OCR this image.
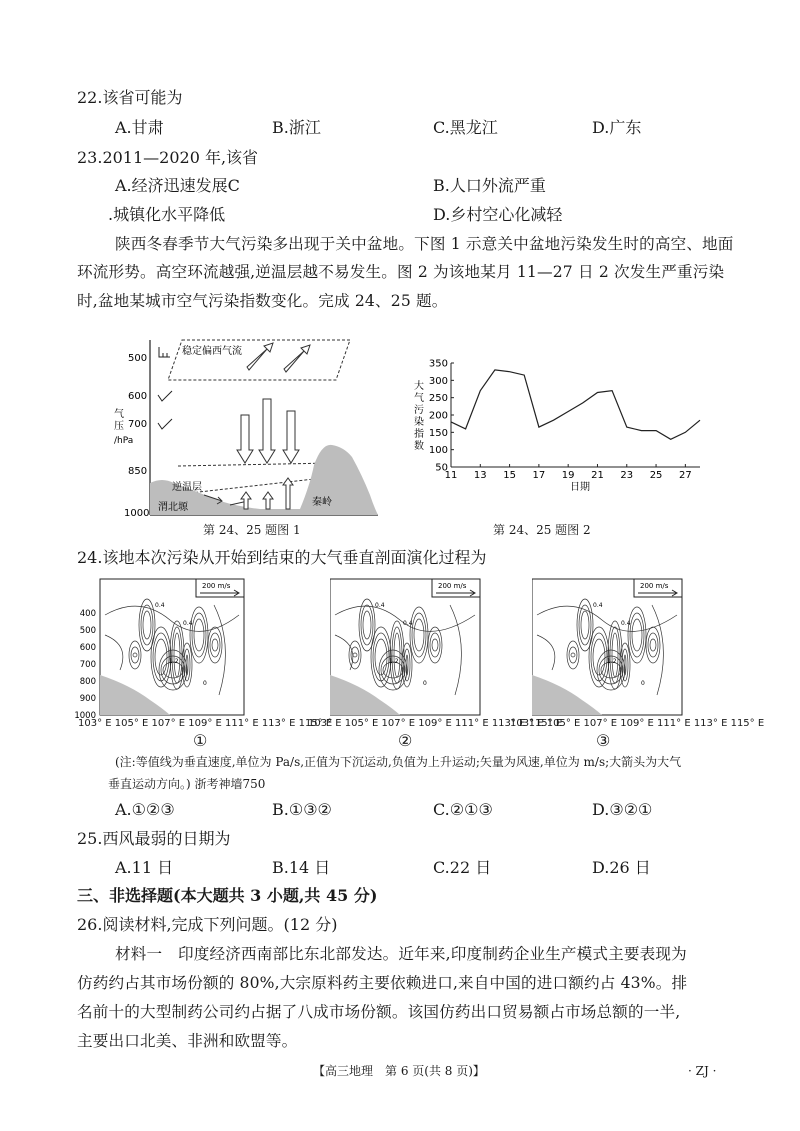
22.该省可能为
A.甘肃	B.浙江	C.黑龙江	D.广东
23.2011—2020 年,该省
A.经济迅速发展C	B.人口外流严重
.城镇化水平降低	D.乡村空心化减轻
陕西冬春季节大气污染多出现于关中盆地。下图 1 示意关中盆地污染发生时的高空、地面
环流形势。高空环流越强,逆温层越不易发生。图 2 为该地某月 11—27 日 2 次发生严重污染
时,盆地某城市空气污染指数变化。完成 24、25 题。
500
600
700
850
1000
气
压
/hPa
稳定偏西气流
逆温层
渭北塬	秦岭
第 24、25 题图 1
大
气
污
染
指
数
350
300
250
200
150
100
50
11 13 15 17 19 21 23 25 27
日期
第 24、25 题图 2
24.该地本次污染从开始到结束的大气垂直剖面演化过程为
400
500
600
700
800
900
1000
200 m/s
0.4
0.4
1.2
0
200 m/s
0.4
0.4
1.2
0
200 m/s
0.4
0.4
1.2
0
103° E 105° E 107° E 109° E 111° E 113° E 115° E
103° E 105° E 107° E 109° E 111° E 113° E 115° E
103° E 105° E 107° E 109° E 111° E 113° E 115° E
①	②	③
(注:等值线为垂直速度,单位为 Pa/s,正值为下沉运动,负值为上升运动;矢量为风速,单位为 m/s;大箭头为大气
垂直运动方向。) 浙考神墙750
A.①②③	B.①③②	C.②①③	D.③②①
25.西风最弱的日期为
A.11 日	B.14 日	C.22 日	D.26 日
三、非选择题(本大题共 3 小题,共 45 分)
26.阅读材料,完成下列问题。(12 分)
材料一　印度经济西南部比东北部发达。近年来,印度制药企业生产模式主要表现为
仿药约占其市场份额的 80%,大宗原料药主要依赖进口,来自中国的进口额约占 43%。排
名前十的大型制药公司约占据了八成市场份额。该国仿药出口贸易额占市场总额的一半,
主要出口北美、非洲和欧盟等。
【高三地理　第 6 页(共 8 页)】	· ZJ ·
